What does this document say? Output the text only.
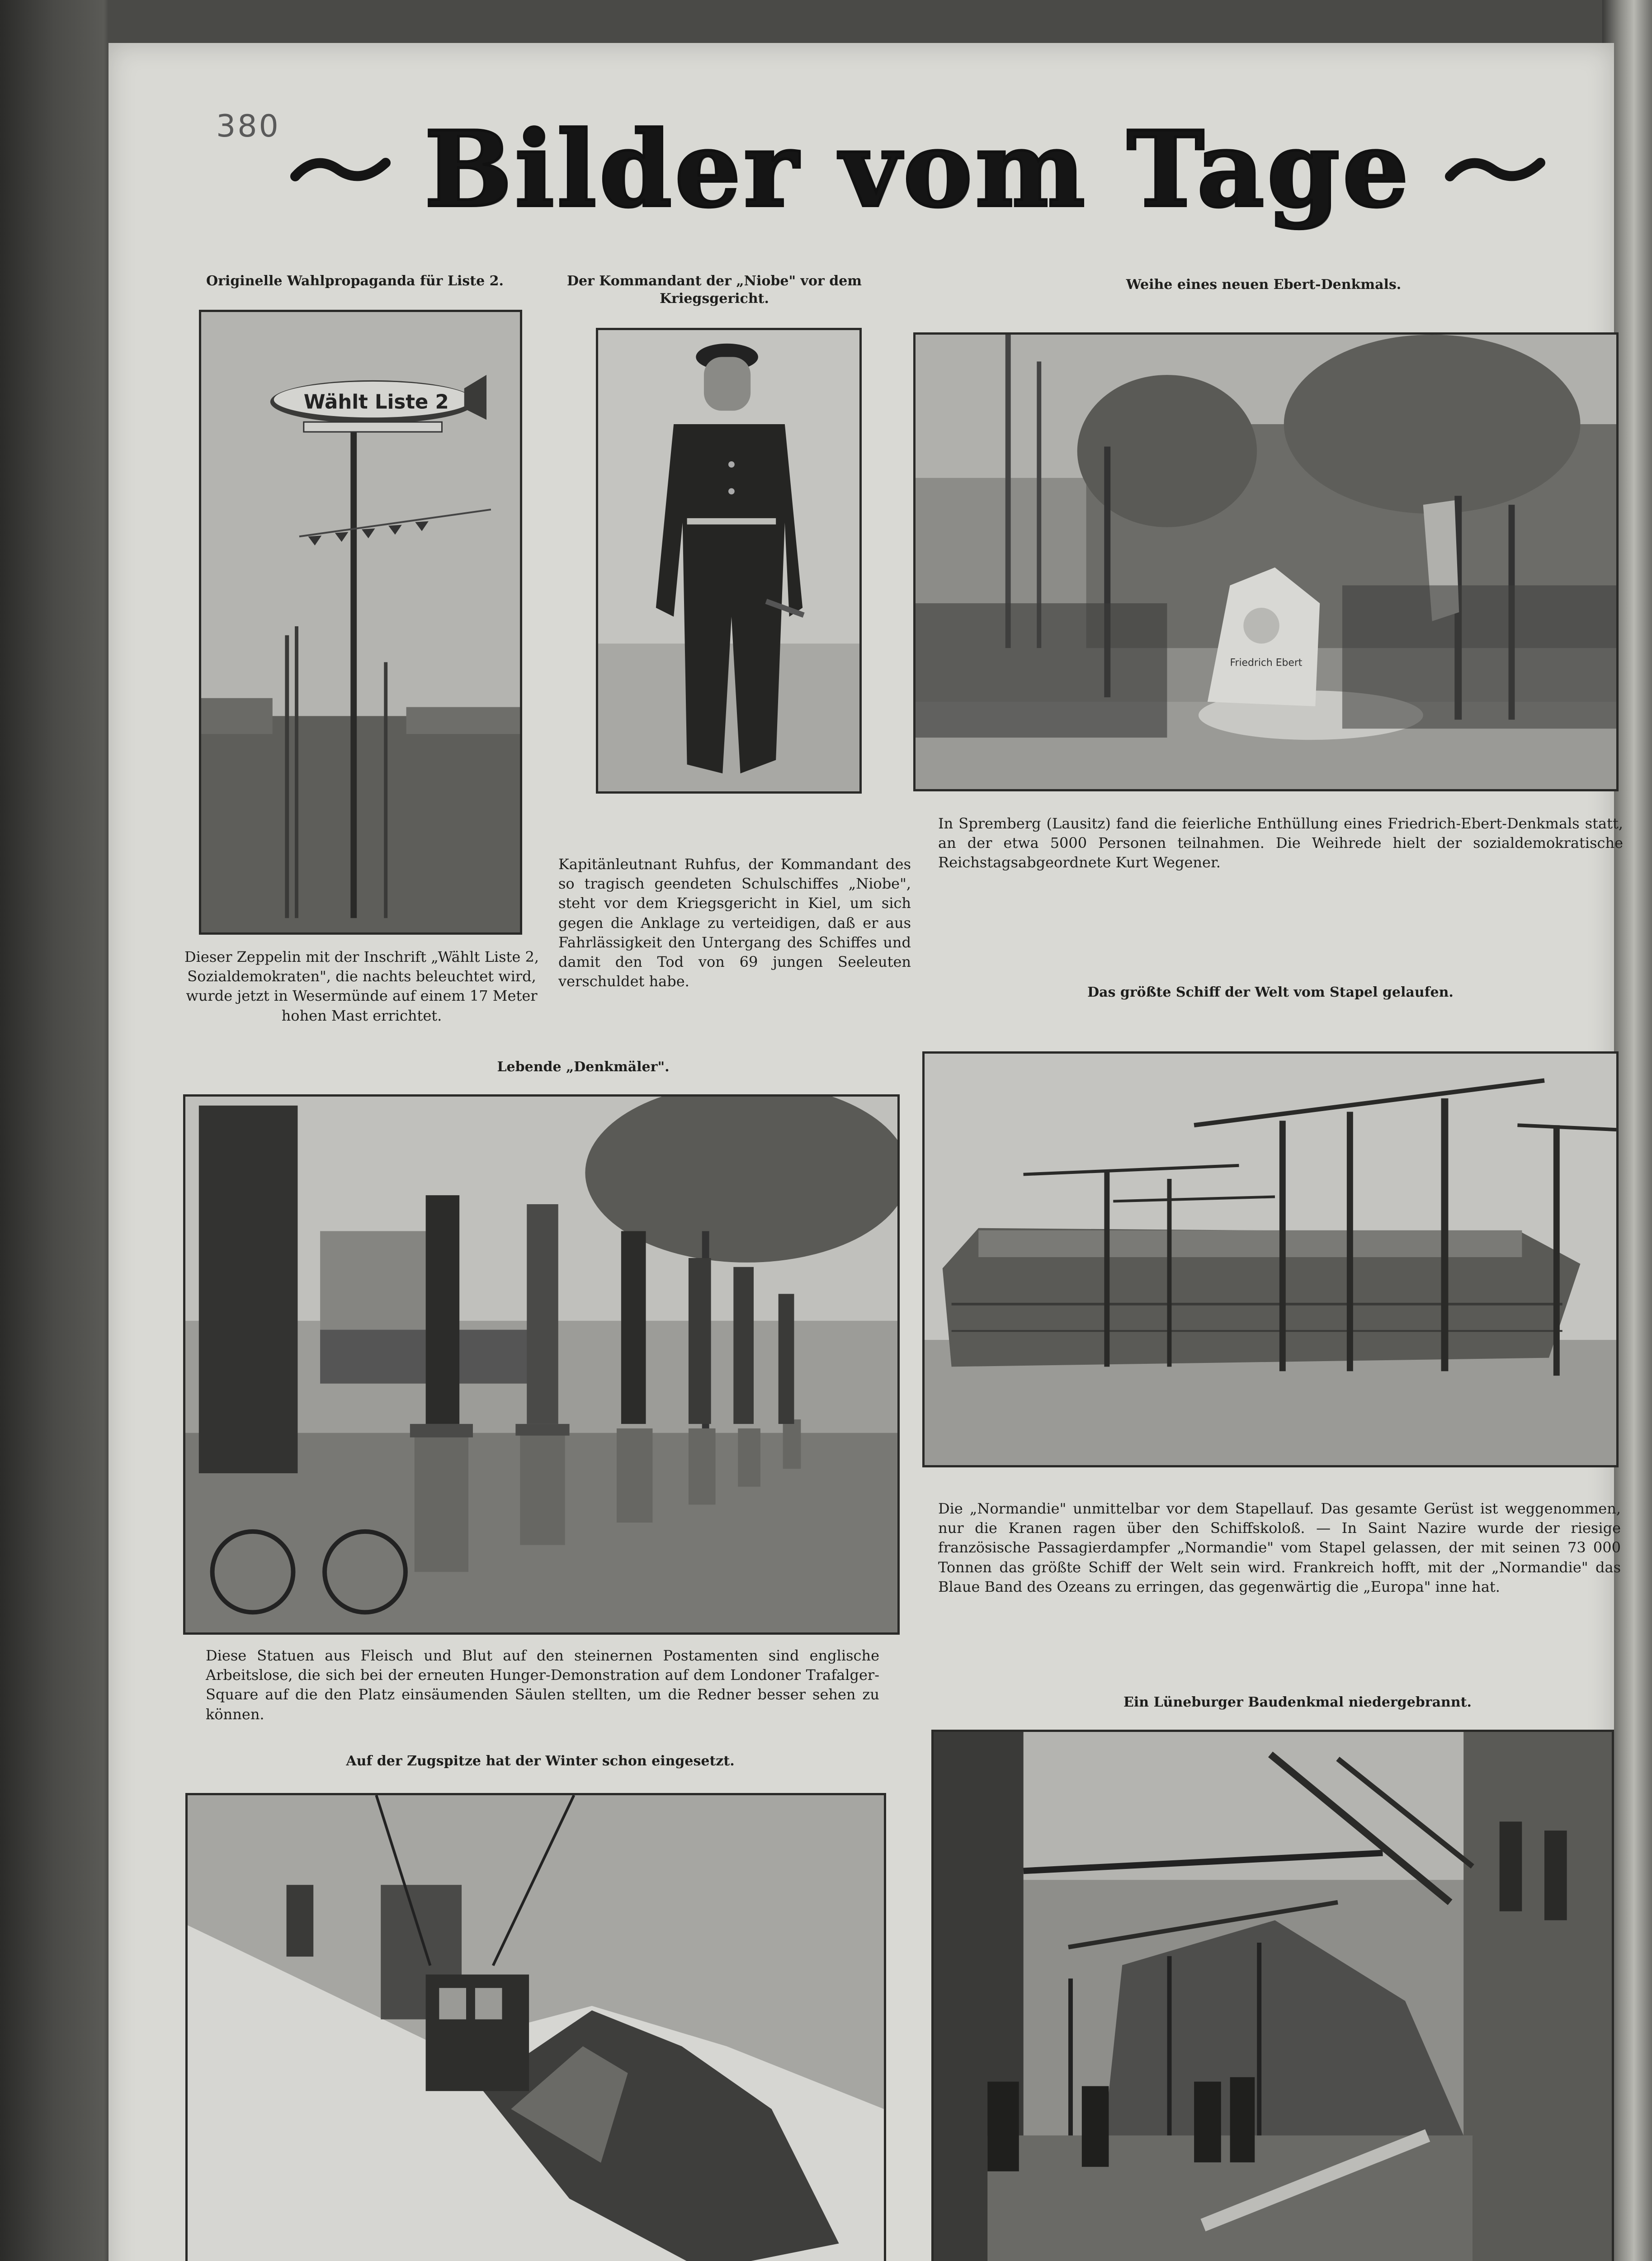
380 Bilder vom Tage
Originelle Wahlpropaganda für Liste 2.
Wählt Liste 2
Dieser Zeppelin mit der Inschrift „Wählt Liste 2, Sozialdemokraten", die nachts beleuchtet wird, wurde jetzt in Wesermünde auf einem 17 Meter hohen Mast errichtet.
Der Kommandant der „Niobe" vor dem Kriegsgericht.
Kapitänleutnant Ruhfus, der Kommandant des so tragisch geendeten Schulschiffes „Niobe", steht vor dem Kriegsgericht in Kiel, um sich gegen die Anklage zu verteidigen, daß er aus Fahrlässigkeit den Untergang des Schiffes und damit den Tod von 69 jungen Seeleuten verschuldet habe.
Weihe eines neuen Ebert-Denkmals.
Friedrich Ebert
In Spremberg (Lausitz) fand die feierliche Enthüllung eines Friedrich-Ebert-Denkmals statt, an der etwa 5000 Personen teilnahmen. Die Weihrede hielt der sozialdemokratische Reichstagsabgeordnete Kurt Wegener.
Lebende „Denkmäler".
Diese Statuen aus Fleisch und Blut auf den steinernen Postamenten sind englische Arbeitslose, die sich bei der erneuten Hunger-Demonstration auf dem Londoner Trafalger-Square auf die den Platz einsäumenden Säulen stellten, um die Redner besser sehen zu können.
Das größte Schiff der Welt vom Stapel gelaufen.
Die „Normandie" unmittelbar vor dem Stapellauf. Das gesamte Gerüst ist weggenommen, nur die Kranen ragen über den Schiffskoloß. — In Saint Nazire wurde der riesige französische Passagierdampfer „Normandie" vom Stapel gelassen, der mit seinen 73 000 Tonnen das größte Schiff der Welt sein wird. Frankreich hofft, mit der „Normandie" das Blaue Band des Ozeans zu erringen, das gegenwärtig die „Europa" inne hat.
Auf der Zugspitze hat der Winter schon eingesetzt.
Ein Lüneburger Baudenkmal niedergebrannt.
